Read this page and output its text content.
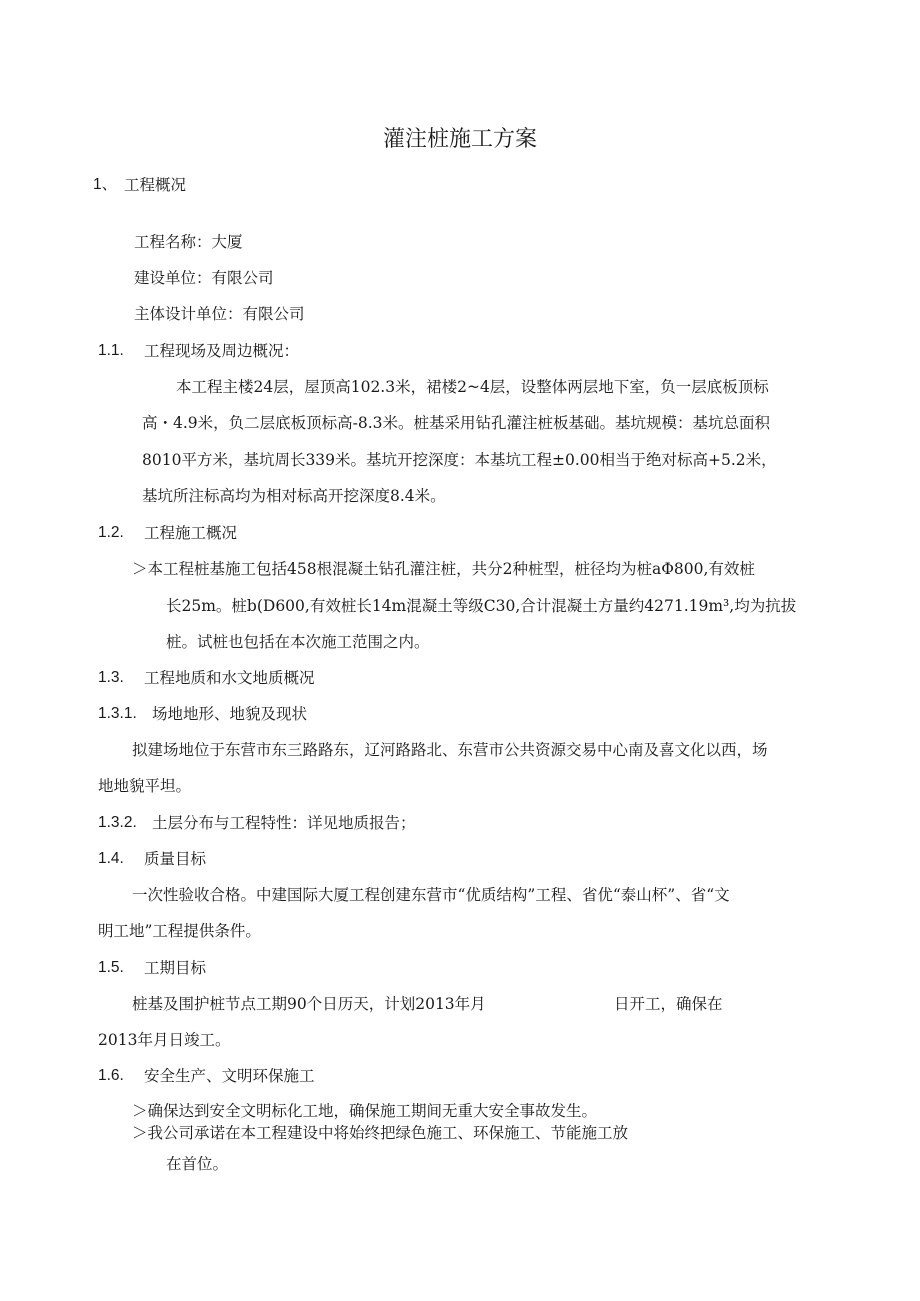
灌注桩施工方案
1、 工程概况
工程名称：大厦
建设单位：有限公司
主体设计单位：有限公司
1.1. 工程现场及周边概况：
本工程主楼24层，屋顶高102.3米，裙楼2~4层，设整体两层地下室，负一层底板顶标
高・4.9米，负二层底板顶标高-8.3米。桩基采用钻孔灌注桩板基础。基坑规模：基坑总面积
8010平方米，基坑周长339米。基坑开挖深度：本基坑工程±0.00相当于绝对标高+5.2米，
基坑所注标高均为相对标高开挖深度8.4米。
1.2. 工程施工概况
＞本工程桩基施工包括458根混凝土钻孔灌注桩，共分2种桩型，桩径均为桩aΦ800,有效桩
长25m。桩b(D600,有效桩长14m混凝土等级C30,合计混凝土方量约4271.19m³,均为抗拔
桩。试桩也包括在本次施工范围之内。
1.3. 工程地质和水文地质概况
1.3.1. 场地地形、地貌及现状
拟建场地位于东营市东三路路东，辽河路路北、东营市公共资源交易中心南及喜文化以西，场
地地貌平坦。
1.3.2. 土层分布与工程特性：详见地质报告；
1.4. 质量目标
一次性验收合格。中建国际大厦工程创建东营市“优质结构”工程、省优“泰山杯”、省“文
明工地”工程提供条件。
1.5. 工期目标
桩基及围护桩节点工期90个日历天，计划2013年月	日开工，确保在
2013年月日竣工。
1.6. 安全生产、文明环保施工
＞确保达到安全文明标化工地，确保施工期间无重大安全事故发生。
＞我公司承诺在本工程建设中将始终把绿色施工、环保施工、节能施工放
在首位。
